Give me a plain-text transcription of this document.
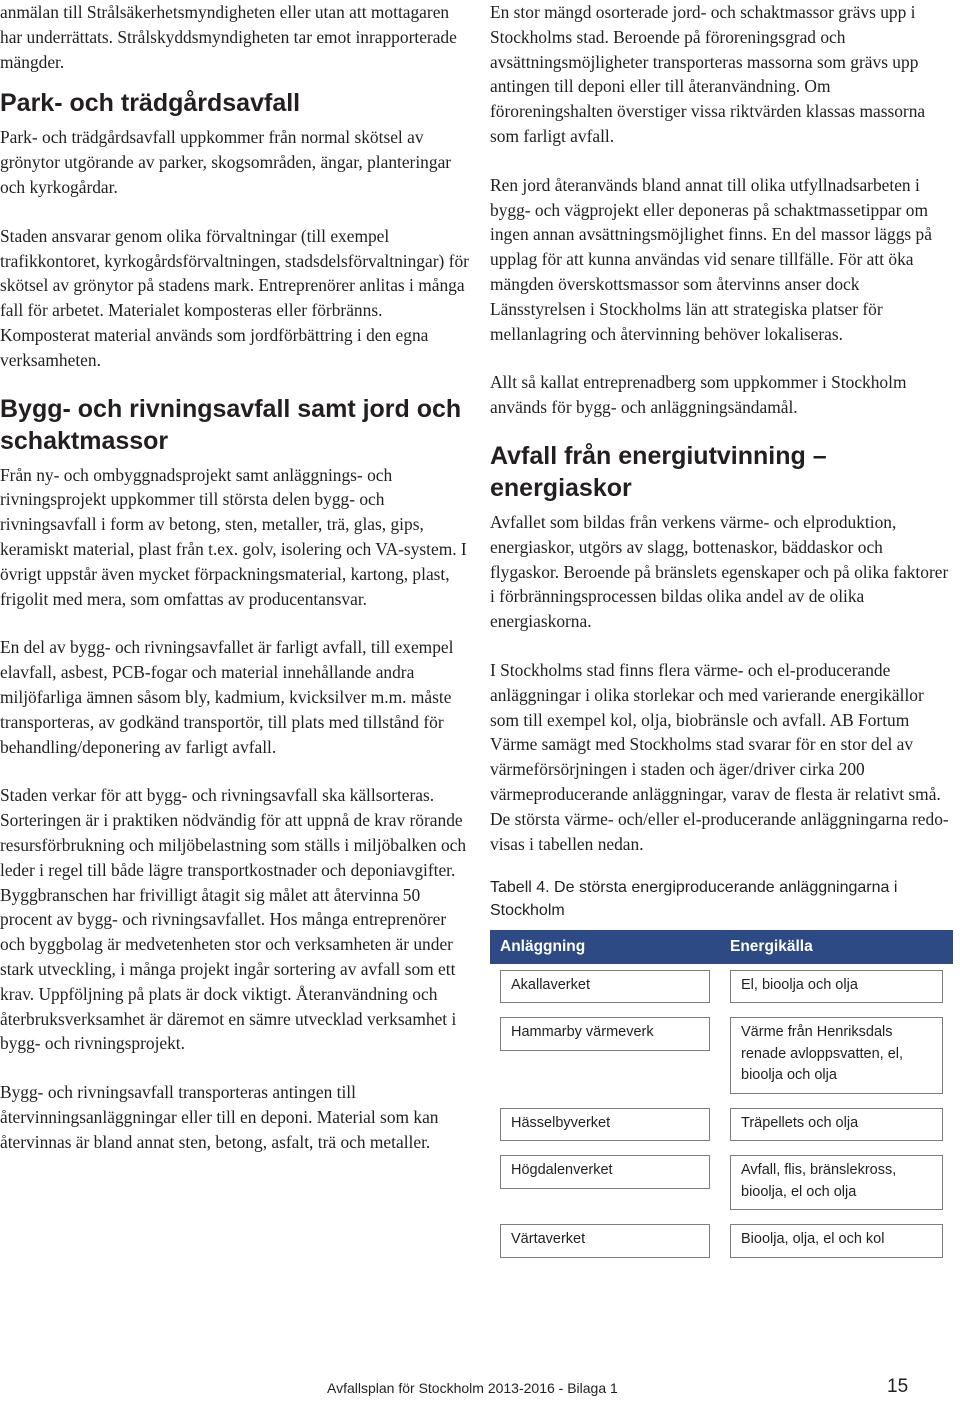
anmälan till Strålsäkerhetsmyndigheten eller utan att mottagaren har underrättats. Strålskyddsmyndigheten tar emot inrapporterade mängder.

Park- och trädgårdsavfall

Park- och trädgårdsavfall uppkommer från normal skötsel av grönytor utgörande av parker, skogsområden, ängar, planteringar och kyrkogårdar.

Staden ansvarar genom olika förvaltningar (till exempel trafikkontoret, kyrkogårdsförvaltningen, stadsdelsförvaltningar) för skötsel av grönytor på stadens mark. Entreprenörer anlitas i många fall för arbetet. Materialet komposteras eller förbränns. Komposterat material används som jordförbättring i den egna verksamheten.

Bygg- och rivningsavfall samt jord och schaktmassor

Från ny- och ombyggnadsprojekt samt anläggnings- och rivningsprojekt uppkommer till största delen bygg- och rivningsavfall i form av betong, sten, metaller, trä, glas, gips, keramiskt material, plast från t.ex. golv, isolering och VA-system. I övrigt uppstår även mycket förpackningsmaterial, kartong, plast, frigolit med mera, som omfattas av producentansvar.

En del av bygg- och rivningsavfallet är farligt avfall, till exempel elavfall, asbest, PCB-fogar och material innehållande andra miljöfarliga ämnen såsom bly, kadmium, kvicksilver m.m. måste transporteras, av godkänd transportör, till plats med tillstånd för behandling/deponering av farligt avfall.

Staden verkar för att bygg- och rivningsavfall ska källsorteras. Sorteringen är i praktiken nödvändig för att uppnå de krav rörande resursförbrukning och miljöbelastning som ställs i miljöbalken och leder i regel till både lägre transportkostnader och deponiavgifter. Byggbranschen har frivilligt åtagit sig målet att återvinna 50 procent av bygg- och rivningsavfallet. Hos många entreprenörer och byggbolag är medvetenheten stor och verksamheten är under stark utveckling, i många projekt ingår sortering av avfall som ett krav. Uppföljning på plats är dock viktigt. Återanvändning och återbruksverksamhet är däremot en sämre utvecklad verksamhet i bygg- och rivningsprojekt.

Bygg- och rivningsavfall transporteras antingen till återvinningsanläggningar eller till en deponi. Material som kan återvinnas är bland annat sten, betong, asfalt, trä och metaller.

En stor mängd osorterade jord- och schaktmassor grävs upp i Stockholms stad. Beroende på föroreningsgrad och avsättningsmöjligheter transporteras massorna som grävs upp antingen till deponi eller till återanvändning. Om föroreningshalten överstiger vissa riktvärden klassas massorna som farligt avfall.

Ren jord återanvänds bland annat till olika utfyllnadsarbeten i bygg- och vägprojekt eller deponeras på schaktmassetippar om ingen annan avsättningsmöjlighet finns. En del massor läggs på upplag för att kunna användas vid senare tillfälle. För att öka mängden överskottsmassor som återvinns anser dock Länsstyrelsen i Stockholms län att strategiska platser för mellanlagring och återvinning behöver lokaliseras.

Allt så kallat entreprenadberg som uppkommer i Stockholm används för bygg- och anläggningsändamål.

Avfall från energiutvinning – energiaskor

Avfallet som bildas från verkens värme- och elproduktion, energiaskor, utgörs av slagg, bottenaskor, bäddaskor och flygaskor. Beroende på bränslets egenskaper och på olika faktorer i förbränningsprocessen bildas olika andel av de olika energiaskorna.

I Stockholms stad finns flera värme- och el-producerande anläggningar i olika storlekar och med varierande energikällor som till exempel kol, olja, biobränsle och avfall. AB Fortum Värme samägt med Stockholms stad svarar för en stor del av värmeförsörjningen i staden och äger/driver cirka 200 värmeproducerande anläggningar, varav de flesta är relativt små. De största värme- och/eller el-producerande anläggningarna redovisas i tabellen nedan.

Tabell 4. De största energiproducerande anläggningarna i Stockholm

Anläggning	Energikälla

Akallaverket	El, bioolja och olja

Hammarby värmeverk	Värme från Henriksdals renade avloppsvatten, el, bioolja och olja

Hässelbyverket	Träpellets och olja

Högdalenverket	Avfall, flis, bränslekross, bioolja, el och olja

Värtaverket	Bioolja, olja, el och kol
Avfallsplan för Stockholm 2013-2016 - Bilaga 1	15
